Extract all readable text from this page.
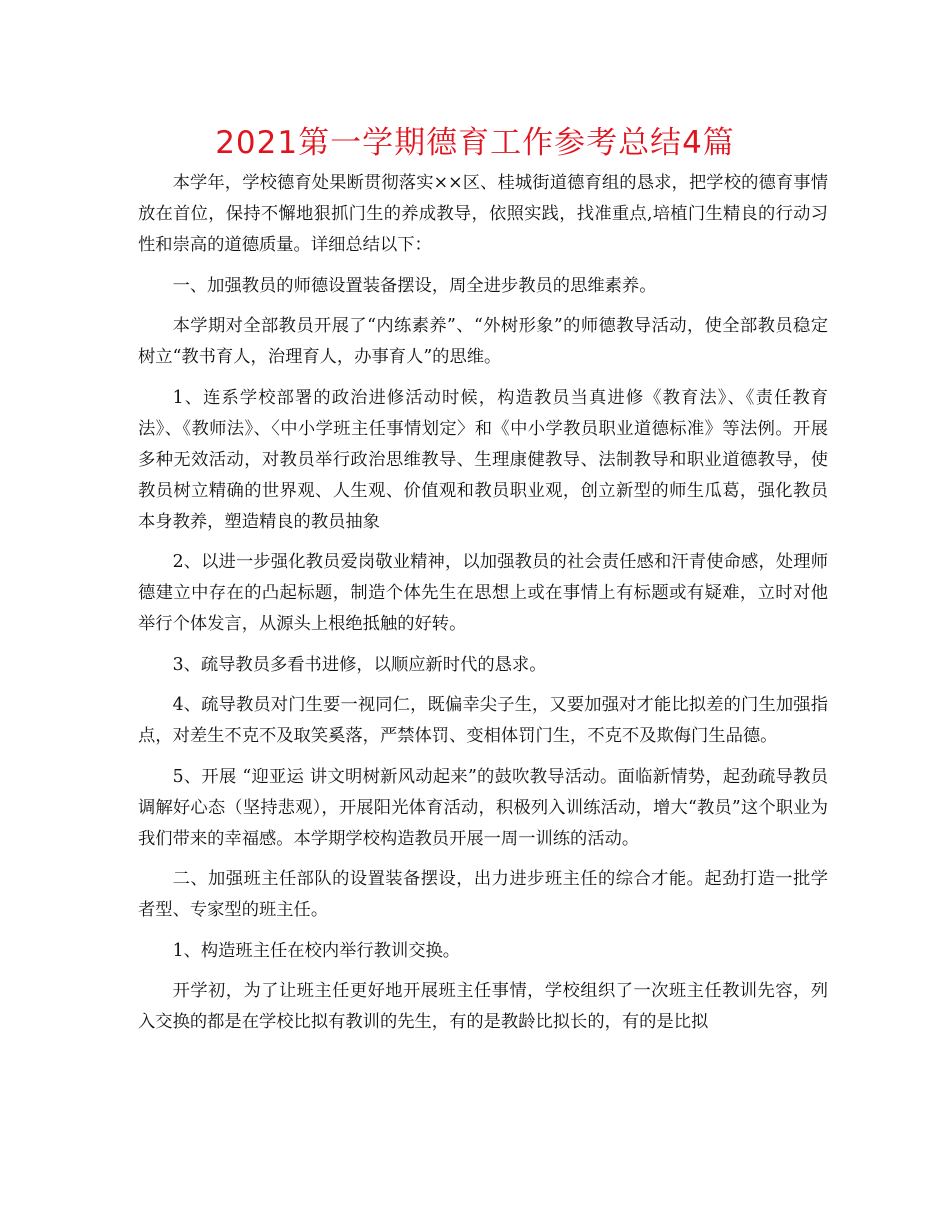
2021第一学期德育工作参考总结4篇

本学年，学校德育处果断贯彻落实××区、桂城街道德育组的恳求，把学校的德育事情放在首位，保持不懈地狠抓门生的养成教导，依照实践，找准重点,培植门生精良的行动习性和崇高的道德质量。详细总结以下：

一、加强教员的师德设置装备摆设，周全进步教员的思维素养。

本学期对全部教员开展了“内练素养”、“外树形象”的师德教导活动，使全部教员稳定树立“教书育人，治理育人，办事育人”的思维。

1、连系学校部署的政治进修活动时候，构造教员当真进修《教育法》、《责任教育法》、《教师法》、〈中小学班主任事情划定〉和《中小学教员职业道德标准》等法例。开展多种无效活动，对教员举行政治思维教导、生理康健教导、法制教导和职业道德教导，使教员树立精确的世界观、人生观、价值观和教员职业观，创立新型的师生瓜葛，强化教员本身教养，塑造精良的教员抽象

2、以进一步强化教员爱岗敬业精神，以加强教员的社会责任感和汗青使命感，处理师德建立中存在的凸起标题，制造个体先生在思想上或在事情上有标题或有疑难，立时对他举行个体发言，从源头上根绝抵触的好转。

3、疏导教员多看书进修，以顺应新时代的恳求。

4、疏导教员对门生要一视同仁，既偏幸尖子生，又要加强对才能比拟差的门生加强指点，对差生不克不及取笑奚落，严禁体罚、变相体罚门生，不克不及欺侮门生品德。

5、开展 “迎亚运 讲文明树新风动起来”的鼓吹教导活动。面临新情势，起劲疏导教员调解好心态（坚持悲观），开展阳光体育活动，积极列入训练活动，增大“教员”这个职业为我们带来的幸福感。本学期学校构造教员开展一周一训练的活动。

二、加强班主任部队的设置装备摆设，出力进步班主任的综合才能。起劲打造一批学者型、专家型的班主任。

1、构造班主任在校内举行教训交换。

开学初，为了让班主任更好地开展班主任事情，学校组织了一次班主任教训先容，列入交换的都是在学校比拟有教训的先生，有的是教龄比拟长的，有的是比拟
